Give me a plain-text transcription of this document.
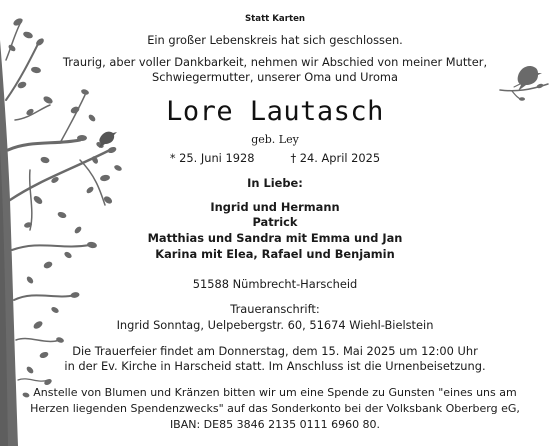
Statt Karten
Ein großer Lebenskreis hat sich geschlossen.
Traurig, aber voller Dankbarkeit, nehmen wir Abschied von meiner Mutter,
Schwiegermutter, unserer Oma und Uroma
Lore Lautasch
geb. Ley
* 25. Juni 1928	† 24. April 2025
In Liebe:
Ingrid und Hermann
Patrick
Matthias und Sandra mit Emma und Jan
Karina mit Elea, Rafael und Benjamin
51588 Nümbrecht-Harscheid
Traueranschrift:
Ingrid Sonntag, Uelpebergstr. 60, 51674 Wiehl-Bielstein
Die Trauerfeier findet am Donnerstag, dem 15. Mai 2025 um 12:00 Uhr
in der Ev. Kirche in Harscheid statt. Im Anschluss ist die Urnenbeisetzung.
Anstelle von Blumen und Kränzen bitten wir um eine Spende zu Gunsten "eines uns am
Herzen liegenden Spendenzwecks" auf das Sonderkonto bei der Volksbank Oberberg eG,
IBAN: DE85 3846 2135 0111 6960 80.
